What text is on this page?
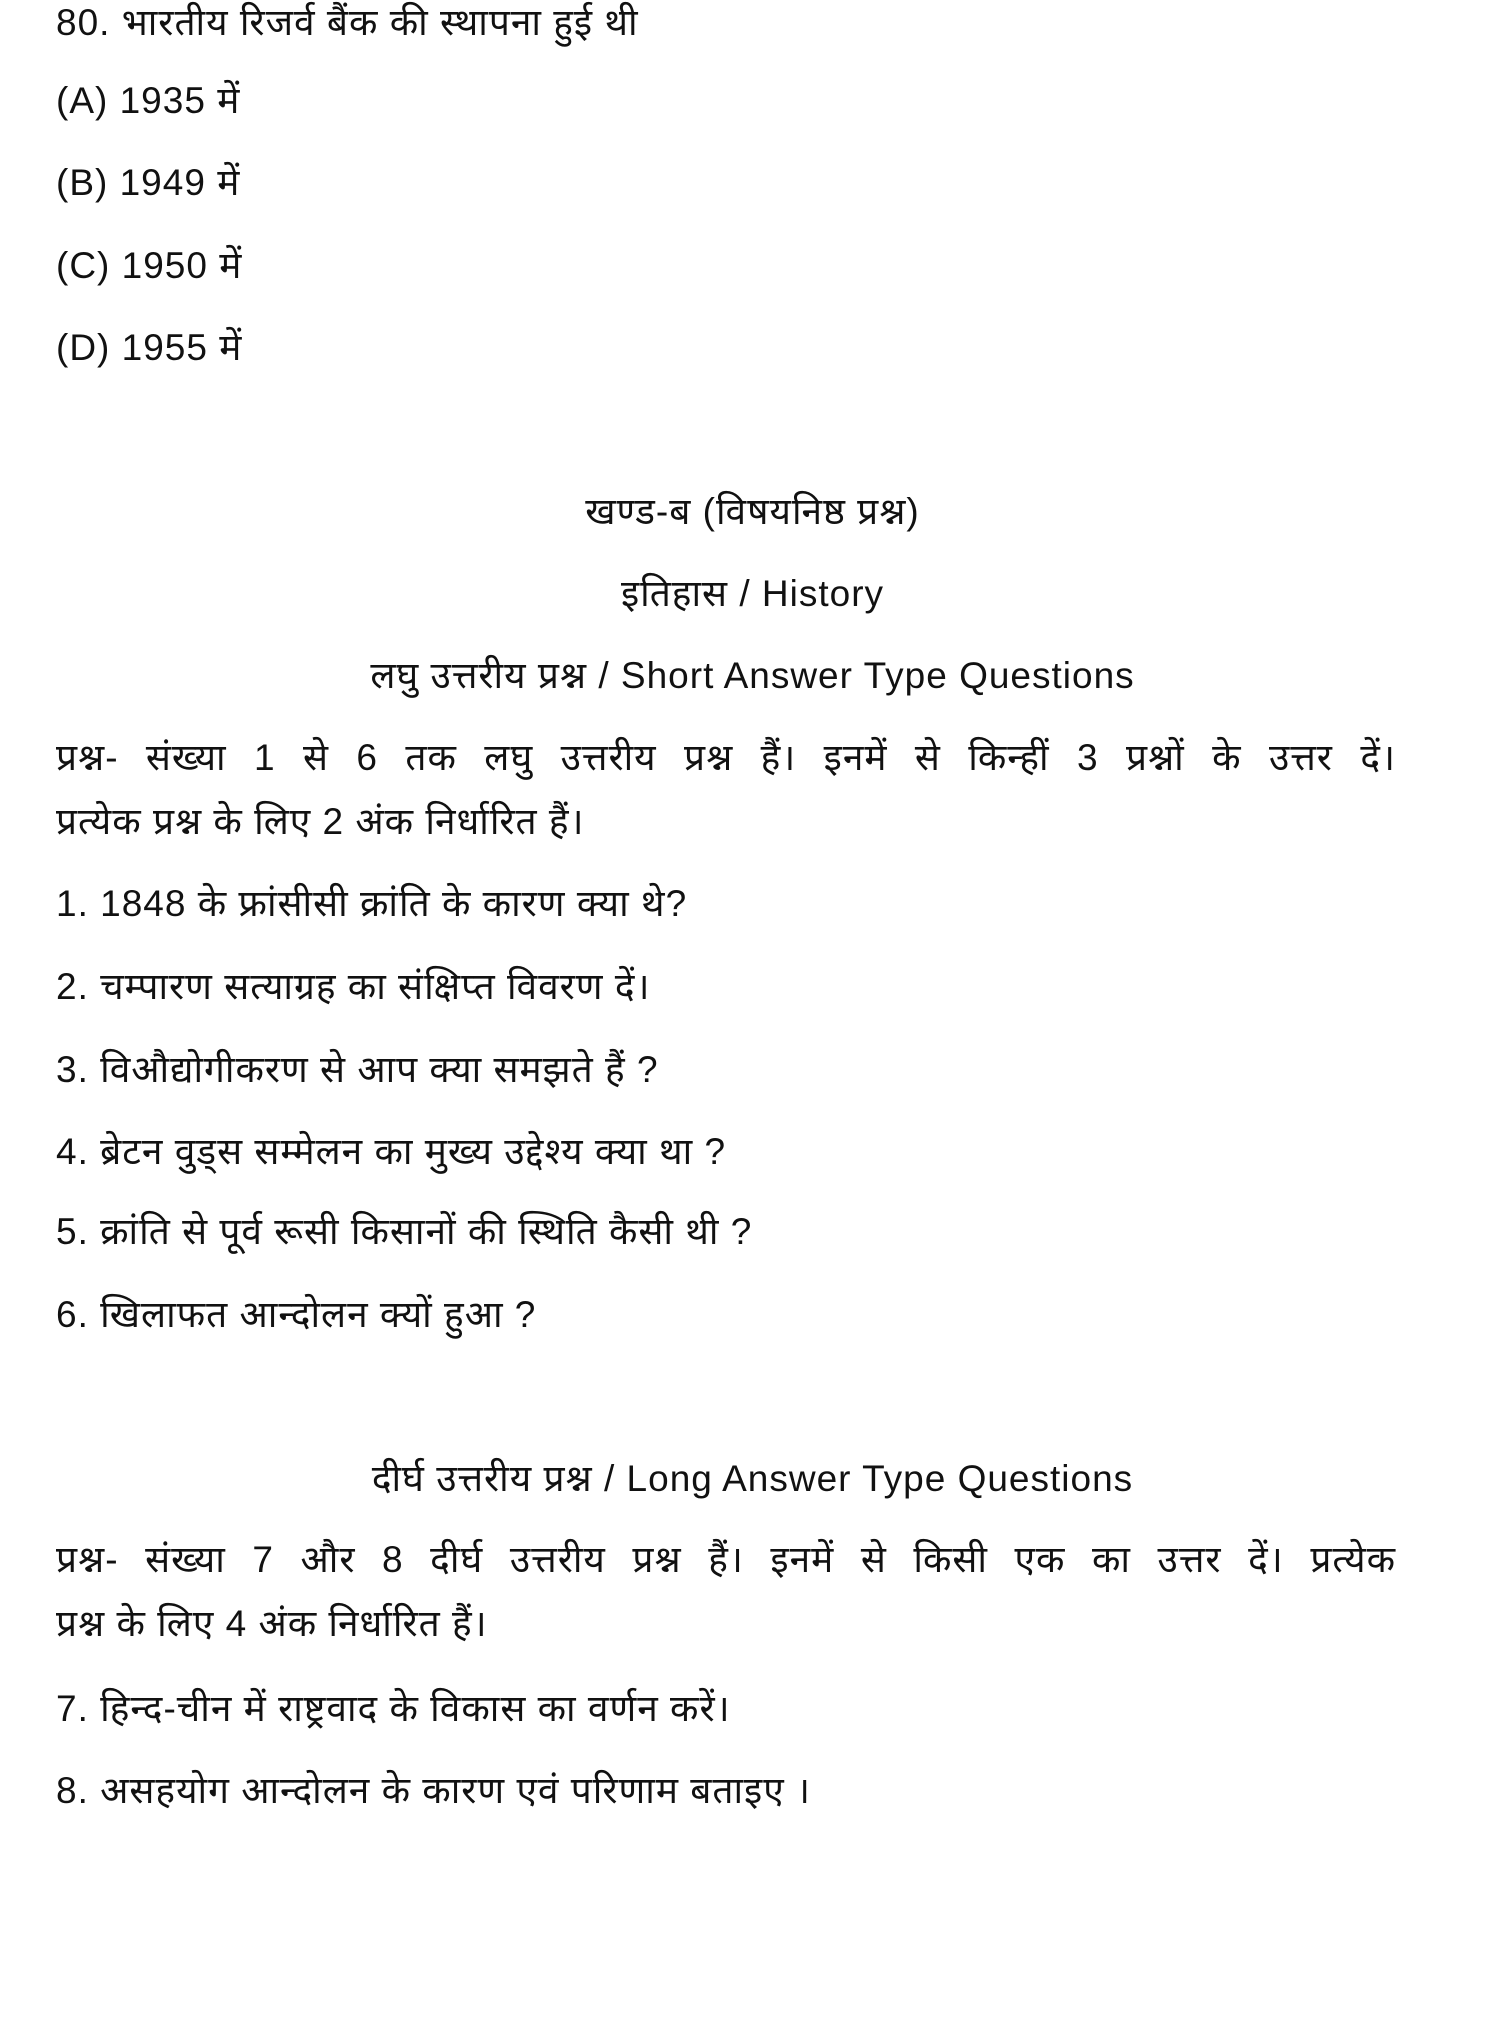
80. भारतीय रिजर्व बैंक की स्थापना हुई थी
(A) 1935 में
(B) 1949 में
(C) 1950 में
(D) 1955 में
खण्ड-ब (विषयनिष्ठ प्रश्न)
इतिहास / History
लघु उत्तरीय प्रश्न / Short Answer Type Questions
प्रश्न- संख्या 1 से 6 तक लघु उत्तरीय प्रश्न हैं। इनमें से किन्हीं 3 प्रश्नों के उत्तर दें।
प्रत्येक प्रश्न के लिए 2 अंक निर्धारित हैं।
1. 1848 के फ्रांसीसी क्रांति के कारण क्या थे?
2. चम्पारण सत्याग्रह का संक्षिप्त विवरण दें।
3. विऔद्योगीकरण से आप क्या समझते हैं ?
4. ब्रेटन वुड्स सम्मेलन का मुख्य उद्देश्य क्या था ?
5. क्रांति से पूर्व रूसी किसानों की स्थिति कैसी थी ?
6. खिलाफत आन्दोलन क्यों हुआ ?
दीर्घ उत्तरीय प्रश्न / Long Answer Type Questions
प्रश्न- संख्या 7 और 8 दीर्घ उत्तरीय प्रश्न हैं। इनमें से किसी एक का उत्तर दें। प्रत्येक
प्रश्न के लिए 4 अंक निर्धारित हैं।
7. हिन्द-चीन में राष्ट्रवाद के विकास का वर्णन करें।
8. असहयोग आन्दोलन के कारण एवं परिणाम बताइए ।
